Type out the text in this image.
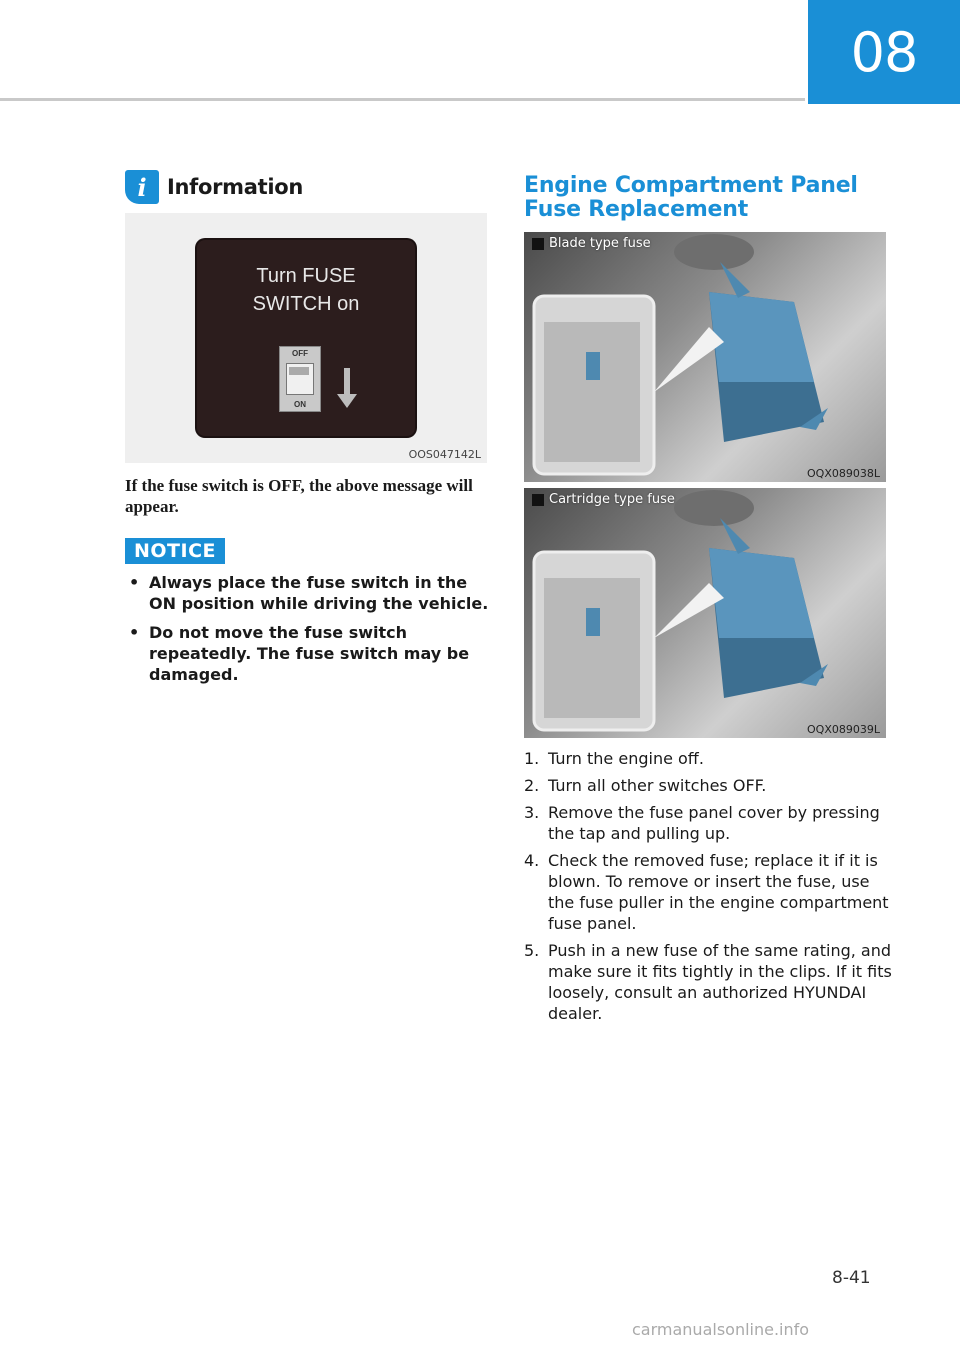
08
i Information
Turn FUSE
SWITCH on
OFF
ON
OOS047142L
If the fuse switch is OFF, the above message will appear.
NOTICE
• Always place the fuse switch in the ON position while driving the vehicle.
• Do not move the fuse switch repeatedly. The fuse switch may be damaged.
Engine Compartment Panel Fuse Replacement
Blade type fuse
OQX089038L
Cartridge type fuse
OQX089039L
1. Turn the engine off.
2. Turn all other switches OFF.
3. Remove the fuse panel cover by pressing the tap and pulling up.
4. Check the removed fuse; replace it if it is blown. To remove or insert the fuse, use the fuse puller in the engine compartment fuse panel.
5. Push in a new fuse of the same rating, and make sure it fits tightly in the clips. If it fits loosely, consult an authorized HYUNDAI dealer.
8-41
carmanualsonline.info
